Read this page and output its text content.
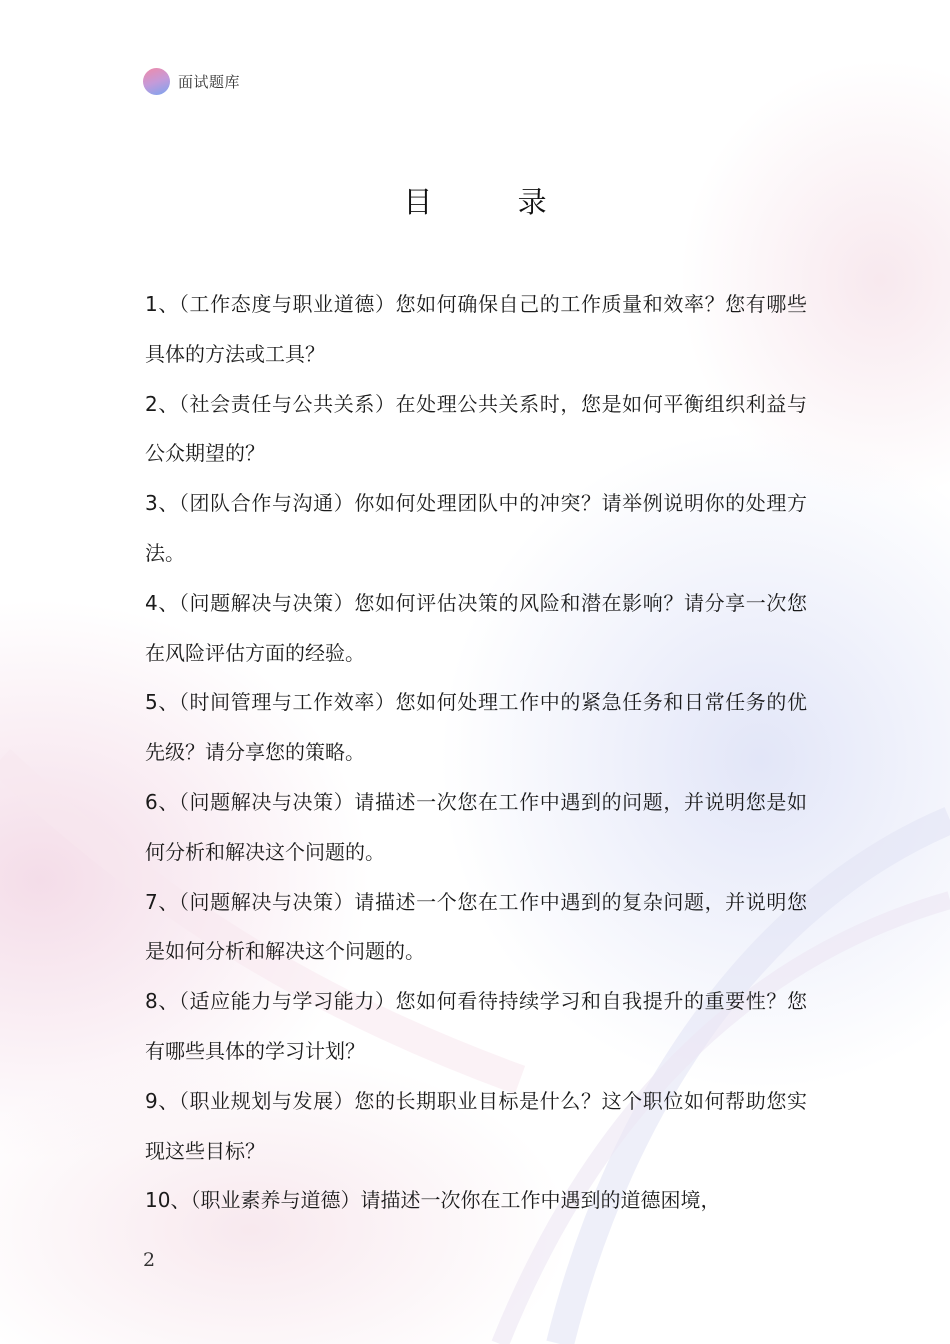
面试题库
目 录
1、（工作态度与职业道德）您如何确保自己的工作质量和效率？您有哪些具体的方法或工具？
2、（社会责任与公共关系）在处理公共关系时，您是如何平衡组织利益与公众期望的？
3、（团队合作与沟通）你如何处理团队中的冲突？请举例说明你的处理方法。
4、（问题解决与决策）您如何评估决策的风险和潜在影响？请分享一次您在风险评估方面的经验。
5、（时间管理与工作效率）您如何处理工作中的紧急任务和日常任务的优先级？请分享您的策略。
6、（问题解决与决策）请描述一次您在工作中遇到的问题，并说明您是如何分析和解决这个问题的。
7、（问题解决与决策）请描述一个您在工作中遇到的复杂问题，并说明您是如何分析和解决这个问题的。
8、（适应能力与学习能力）您如何看待持续学习和自我提升的重要性？您有哪些具体的学习计划？
9、（职业规划与发展）您的长期职业目标是什么？这个职位如何帮助您实现这些目标？
10、（职业素养与道德）请描述一次你在工作中遇到的道德困境，
2
